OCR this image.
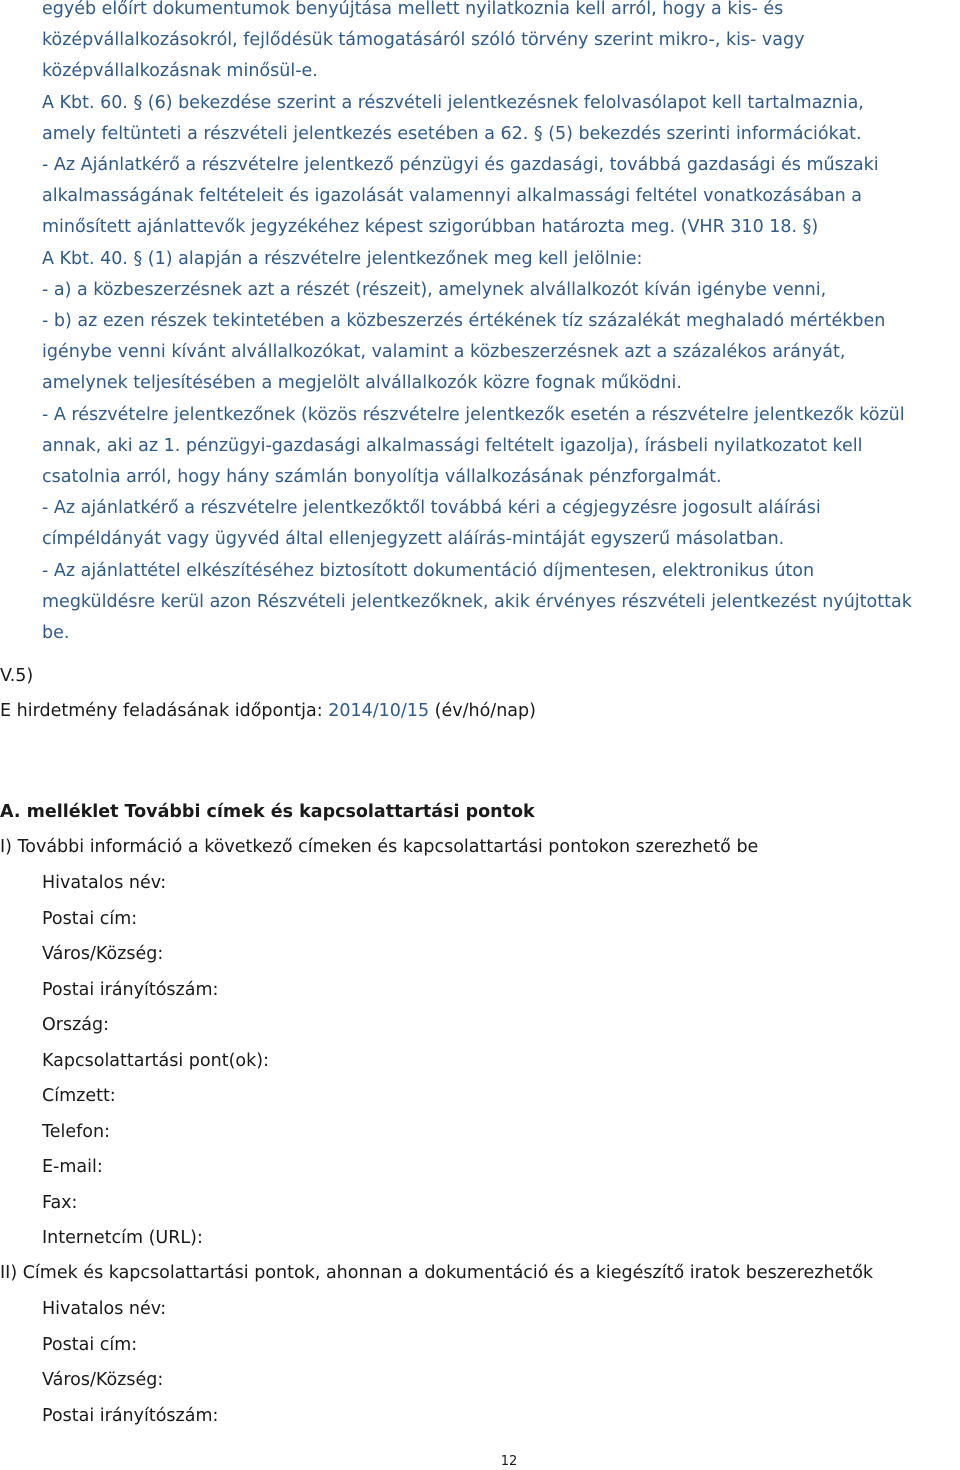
egyéb előírt dokumentumok benyújtása mellett nyilatkoznia kell arról, hogy a kis- és
középvállalkozásokról, fejlődésük támogatásáról szóló törvény szerint mikro-, kis- vagy
középvállalkozásnak minősül-e.
A Kbt. 60. § (6) bekezdése szerint a részvételi jelentkezésnek felolvasólapot kell tartalmaznia,
amely feltünteti a részvételi jelentkezés esetében a 62. § (5) bekezdés szerinti információkat.
- Az Ajánlatkérő a részvételre jelentkező pénzügyi és gazdasági, továbbá gazdasági és műszaki
alkalmasságának feltételeit és igazolását valamennyi alkalmassági feltétel vonatkozásában a
minősített ajánlattevők jegyzékéhez képest szigorúbban határozta meg. (VHR 310 18. §)
A Kbt. 40. § (1) alapján a részvételre jelentkezőnek meg kell jelölnie:
- a) a közbeszerzésnek azt a részét (részeit), amelynek alvállalkozót kíván igénybe venni,
- b) az ezen részek tekintetében a közbeszerzés értékének tíz százalékát meghaladó mértékben
igénybe venni kívánt alvállalkozókat, valamint a közbeszerzésnek azt a százalékos arányát,
amelynek teljesítésében a megjelölt alvállalkozók közre fognak működni.
- A részvételre jelentkezőnek (közös részvételre jelentkezők esetén a részvételre jelentkezők közül
annak, aki az 1. pénzügyi-gazdasági alkalmassági feltételt igazolja), írásbeli nyilatkozatot kell
csatolnia arról, hogy hány számlán bonyolítja vállalkozásának pénzforgalmát.
- Az ajánlatkérő a részvételre jelentkezőktől továbbá kéri a cégjegyzésre jogosult aláírási
címpéldányát vagy ügyvéd által ellenjegyzett aláírás-mintáját egyszerű másolatban.
- Az ajánlattétel elkészítéséhez biztosított dokumentáció díjmentesen, elektronikus úton
megküldésre kerül azon Részvételi jelentkezőknek, akik érvényes részvételi jelentkezést nyújtottak
be.
V.5)
E hirdetmény feladásának időpontja: 2014/10/15 (év/hó/nap)
A. melléklet További címek és kapcsolattartási pontok
I) További információ a következő címeken és kapcsolattartási pontokon szerezhető be
Hivatalos név:
Postai cím:
Város/Község:
Postai irányítószám:
Ország:
Kapcsolattartási pont(ok):
Címzett:
Telefon:
E-mail:
Fax:
Internetcím (URL):
II) Címek és kapcsolattartási pontok, ahonnan a dokumentáció és a kiegészítő iratok beszerezhetők
Hivatalos név:
Postai cím:
Város/Község:
Postai irányítószám:
12
